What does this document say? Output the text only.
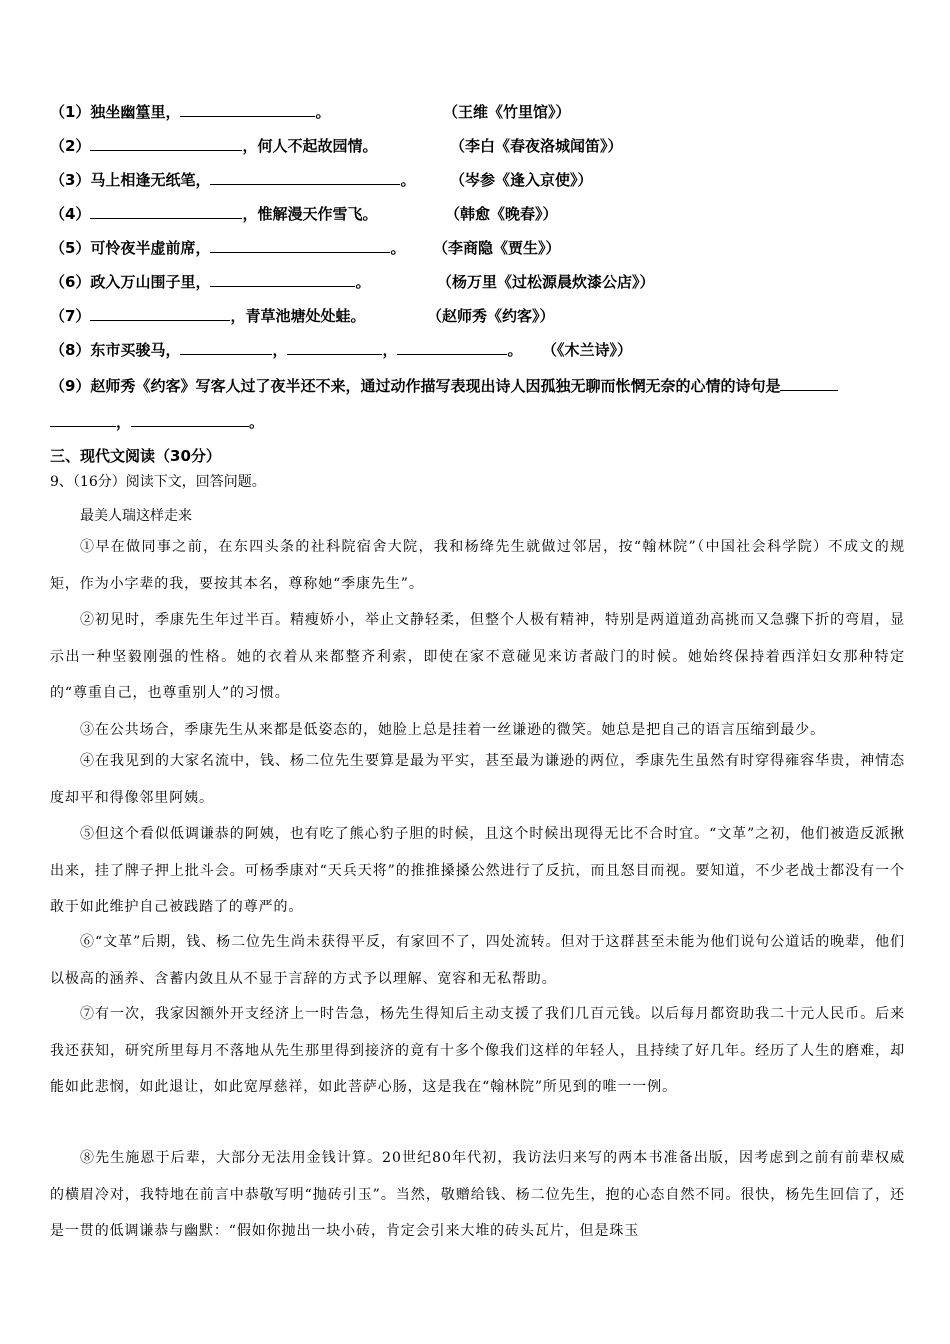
（1）独坐幽篁里，	。	（王维《竹里馆》）
（2）	，何人不起故园情。	（李白《春夜洛城闻笛》）
（3）马上相逢无纸笔，	。 （岑参《逢入京使》）
（4）	，惟解漫天作雪飞。	（韩愈《晚春》）
（5）可怜夜半虚前席，	。 （李商隐《贾生》）
（6）政入万山围子里，	。	（杨万里《过松源晨炊漆公店》）
（7）	，青草池塘处处蛙。	（赵师秀《约客》）
（8）东市买骏马，	，	，	。 （《木兰诗》）
（9）赵师秀《约客》写客人过了夜半还不来，通过动作描写表现出诗人因孤独无聊而怅惘无奈的心情的诗句是
，	。
三、现代文阅读（30分）
9、（16分）阅读下文，回答问题。
最美人瑞这样走来
①早在做同事之前，在东四头条的社科院宿舍大院，我和杨绛先生就做过邻居，按“翰林院”（中国社会科学院）不成文的规矩，作为小字辈的我，要按其本名，尊称她“季康先生”。
②初见时，季康先生年过半百。精瘦娇小，举止文静轻柔，但整个人极有精神，特别是两道道劲高挑而又急骤下折的弯眉，显示出一种坚毅刚强的性格。她的衣着从来都整齐利索，即使在家不意碰见来访者敲门的时候。她始终保持着西洋妇女那种特定的“尊重自己，也尊重别人”的习惯。
③在公共场合，季康先生从来都是低姿态的，她脸上总是挂着一丝谦逊的微笑。她总是把自己的语言压缩到最少。
④在我见到的大家名流中，钱、杨二位先生要算是最为平实，甚至最为谦逊的两位，季康先生虽然有时穿得雍容华贵，神情态度却平和得像邻里阿姨。
⑤但这个看似低调谦恭的阿姨，也有吃了熊心豹子胆的时候，且这个时候出现得无比不合时宜。“文革”之初，他们被造反派揪出来，挂了牌子押上批斗会。可杨季康对“天兵天将”的推推搡搡公然进行了反抗，而且怒目而视。要知道，不少老战士都没有一个敢于如此维护自己被践踏了的尊严的。
⑥“文革”后期，钱、杨二位先生尚未获得平反，有家回不了，四处流转。但对于这群甚至未能为他们说句公道话的晚辈，他们以极高的涵养、含蓄内敛且从不显于言辞的方式予以理解、宽容和无私帮助。
⑦有一次，我家因额外开支经济上一时告急，杨先生得知后主动支援了我们几百元钱。以后每月都资助我二十元人民币。后来我还获知，研究所里每月不落地从先生那里得到接济的竟有十多个像我们这样的年轻人，且持续了好几年。经历了人生的磨难，却能如此悲悯，如此退让，如此宽厚慈祥，如此菩萨心肠，这是我在“翰林院”所见到的唯一一例。
⑧先生施恩于后辈，大部分无法用金钱计算。20世纪80年代初，我访法归来写的两本书准备出版，因考虑到之前有前辈权威的横眉冷对，我特地在前言中恭敬写明“抛砖引玉”。当然，敬赠给钱、杨二位先生，抱的心态自然不同。很快，杨先生回信了，还是一贯的低调谦恭与幽默：“假如你抛出一块小砖，肯定会引来大堆的砖头瓦片，但是珠玉
